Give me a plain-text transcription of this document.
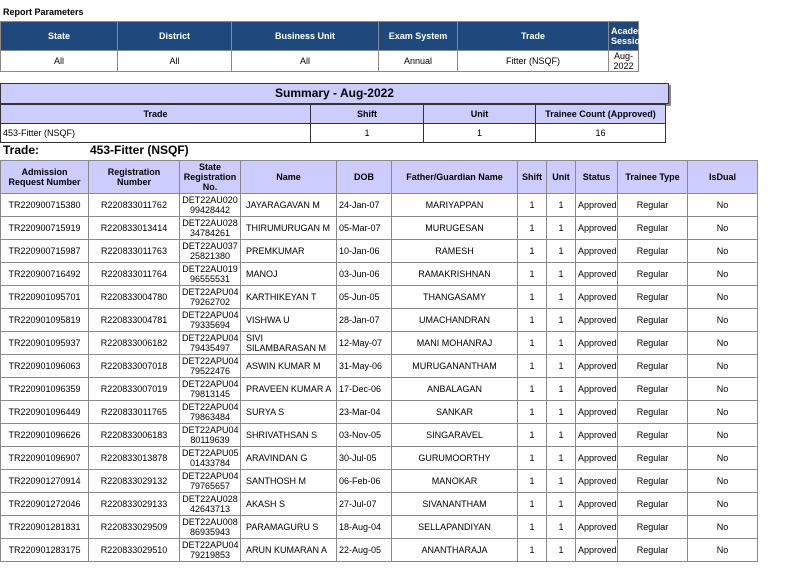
Report Parameters
State	District	Business Unit	Exam System	Trade	Academic Session
All	All	All	Annual	Fitter (NSQF)	Aug-2022
Summary - Aug-2022
Trade	Shift	Unit	Trainee Count (Approved)
453-Fitter (NSQF)	1	1	16
Trade:	453-Fitter (NSQF)
Admission Request Number	Registration Number	State Registration No.	Name	DOB	Father/Guardian Name	Shift	Unit	Status	Trainee Type	IsDual
TR220900715380	R220833011762	DET22AU020 99428442	JAYARAGAVAN M	24-Jan-07	MARIYAPPAN	1	1	Approved	Regular	No
TR220900715919	R220833013414	DET22AU028 34784261	THIRUMURUGAN M	05-Mar-07	MURUGESAN	1	1	Approved	Regular	No
TR220900715987	R220833011763	DET22AU037 25821380	PREMKUMAR	10-Jan-06	RAMESH	1	1	Approved	Regular	No
TR220900716492	R220833011764	DET22AU019 96555531	MANOJ	03-Jun-06	RAMAKRISHNAN	1	1	Approved	Regular	No
TR220901095701	R220833004780	DET22APU04 79262702	KARTHIKEYAN T	05-Jun-05	THANGASAMY	1	1	Approved	Regular	No
TR220901095819	R220833004781	DET22APU04 79335694	VISHWA U	28-Jan-07	UMACHANDRAN	1	1	Approved	Regular	No
TR220901095937	R220833006182	DET22APU04 79435497	SIVI SILAMBARASAN M	12-May-07	MANI MOHANRAJ	1	1	Approved	Regular	No
TR220901096063	R220833007018	DET22APU04 79522476	ASWIN KUMAR M	31-May-06	MURUGANANTHAM	1	1	Approved	Regular	No
TR220901096359	R220833007019	DET22APU04 79813145	PRAVEEN KUMAR A	17-Dec-06	ANBALAGAN	1	1	Approved	Regular	No
TR220901096449	R220833011765	DET22APU04 79863484	SURYA S	23-Mar-04	SANKAR	1	1	Approved	Regular	No
TR220901096626	R220833006183	DET22APU04 80119639	SHRIVATHSAN S	03-Nov-05	SINGARAVEL	1	1	Approved	Regular	No
TR220901096907	R220833013878	DET22APU05 01433784	ARAVINDAN G	30-Jul-05	GURUMOORTHY	1	1	Approved	Regular	No
TR220901270914	R220833029132	DET22APU04 79765657	SANTHOSH M	06-Feb-06	MANOKAR	1	1	Approved	Regular	No
TR220901272046	R220833029133	DET22AU028 42643713	AKASH S	27-Jul-07	SIVANANTHAM	1	1	Approved	Regular	No
TR220901281831	R220833029509	DET22AU008 86935943	PARAMAGURU S	18-Aug-04	SELLAPANDIYAN	1	1	Approved	Regular	No
TR220901283175	R220833029510	DET22APU04 79219853	ARUN KUMARAN A	22-Aug-05	ANANTHARAJA	1	1	Approved	Regular	No
